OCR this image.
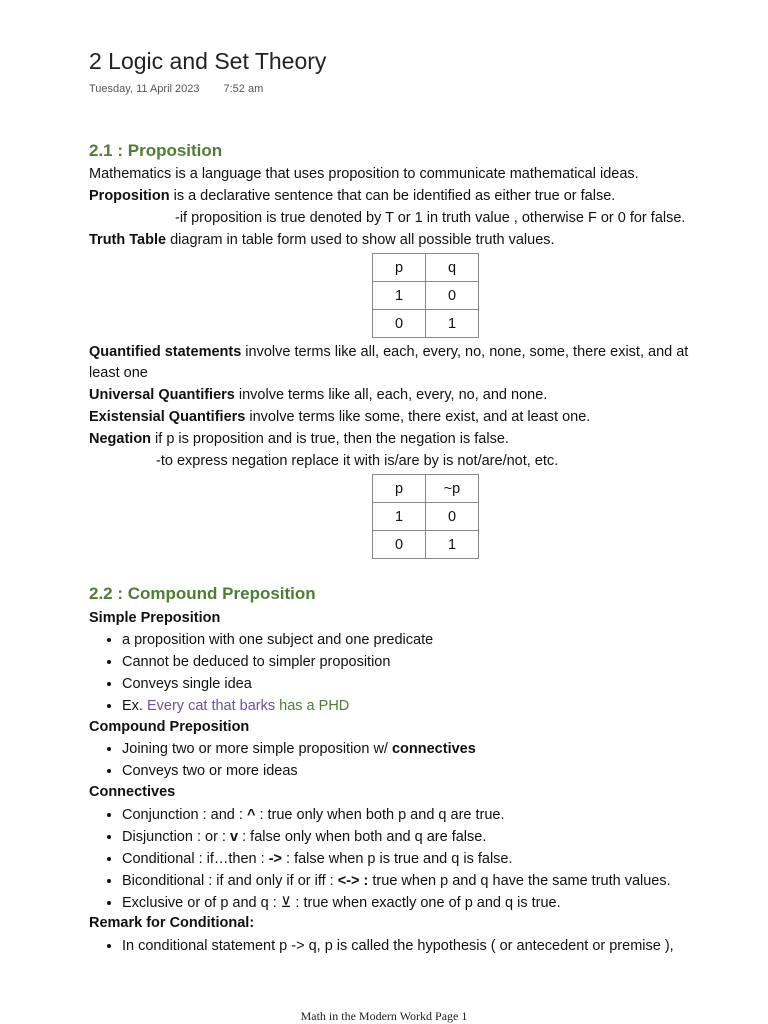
2 Logic and Set Theory
Tuesday, 11 April 2023 7:52 am
2.1 : Proposition
Mathematics is a language that uses proposition to communicate mathematical ideas.
Proposition is a declarative sentence that can be identified as either true or false.
-if proposition is true denoted by T or 1 in truth value , otherwise F or 0 for false.
Truth Table diagram in table form used to show all possible truth values.
p	q
1	0
0	1
Quantified statements involve terms like all, each, every, no, none, some, there exist, and at
least one
Universal Quantifiers involve terms like all, each, every, no, and none.
Existensial Quantifiers involve terms like some, there exist, and at least one.
Negation if p is proposition and is true, then the negation is false.
-to express negation replace it with is/are by is not/are/not, etc.
p	~p
1	0
0	1
2.2 : Compound Preposition
Simple Preposition
• a proposition with one subject and one predicate
• Cannot be deduced to simpler proposition
• Conveys single idea
• Ex. Every cat that barks has a PHD
Compound Preposition
• Joining two or more simple proposition w/ connectives
• Conveys two or more ideas
Connectives
• Conjunction : and : ^ : true only when both p and q are true.
• Disjunction : or : v : false only when both and q are false.
• Conditional : if…then : -> : false when p is true and q is false.
• Biconditional : if and only if or iff : <-> : true when p and q have the same truth values.
• Exclusive or of p and q : ⊻ : true when exactly one of p and q is true.
Remark for Conditional:
• In conditional statement p -> q, p is called the hypothesis ( or antecedent or premise ),
Math in the Modern Workd Page 1
